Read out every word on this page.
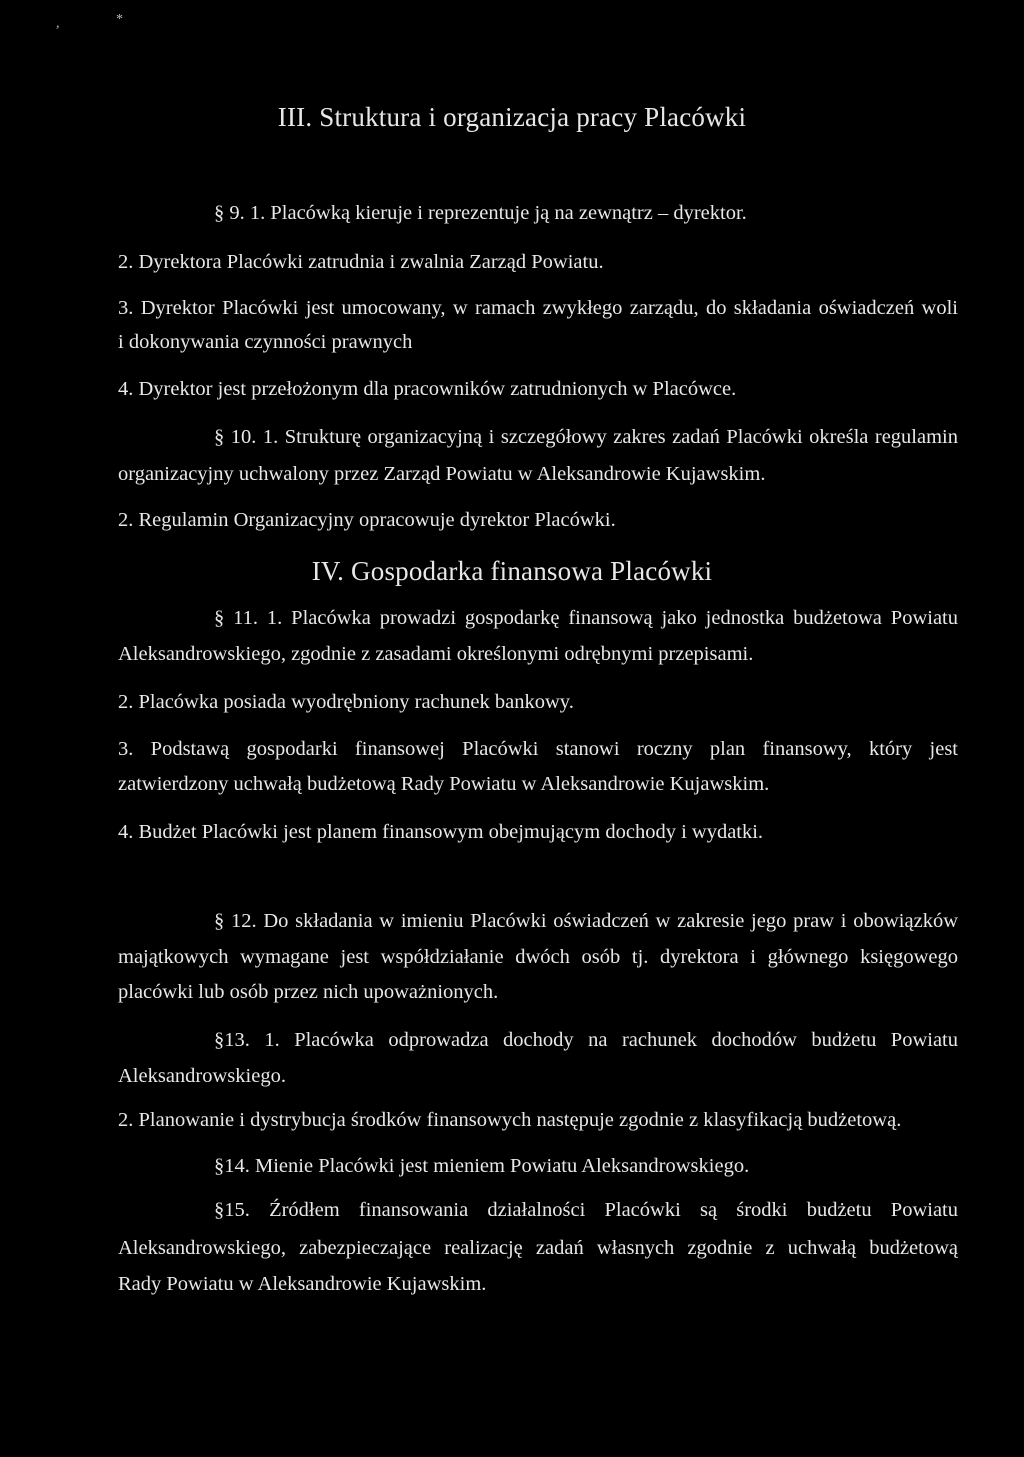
,	*
III. Struktura i organizacja pracy Placówki
§ 9. 1. Placówką kieruje i reprezentuje ją na zewnątrz – dyrektor.
2. Dyrektora Placówki zatrudnia i zwalnia Zarząd Powiatu.
3. Dyrektor Placówki jest umocowany, w ramach zwykłego zarządu, do składania oświadczeń woli
i dokonywania czynności prawnych
4. Dyrektor jest przełożonym dla pracowników zatrudnionych w Placówce.
§ 10. 1. Strukturę organizacyjną i szczegółowy zakres zadań Placówki określa regulamin
organizacyjny uchwalony przez Zarząd Powiatu w Aleksandrowie Kujawskim.
2. Regulamin Organizacyjny opracowuje dyrektor Placówki.
IV. Gospodarka finansowa Placówki
§ 11. 1. Placówka prowadzi gospodarkę finansową jako jednostka budżetowa Powiatu
Aleksandrowskiego, zgodnie z zasadami określonymi odrębnymi przepisami.
2. Placówka posiada wyodrębniony rachunek bankowy.
3. Podstawą gospodarki finansowej Placówki stanowi roczny plan finansowy, który jest
zatwierdzony uchwałą budżetową Rady Powiatu w Aleksandrowie Kujawskim.
4. Budżet Placówki jest planem finansowym obejmującym dochody i wydatki.
§ 12. Do składania w imieniu Placówki oświadczeń w zakresie jego praw i obowiązków
majątkowych wymagane jest współdziałanie dwóch osób tj. dyrektora i głównego księgowego
placówki lub osób przez nich upoważnionych.
§13. 1. Placówka odprowadza dochody na rachunek dochodów budżetu Powiatu
Aleksandrowskiego.
2. Planowanie i dystrybucja środków finansowych następuje zgodnie z klasyfikacją budżetową.
§14. Mienie Placówki jest mieniem Powiatu Aleksandrowskiego.
§15. Źródłem finansowania działalności Placówki są środki budżetu Powiatu
Aleksandrowskiego, zabezpieczające realizację zadań własnych zgodnie z uchwałą budżetową
Rady Powiatu w Aleksandrowie Kujawskim.
